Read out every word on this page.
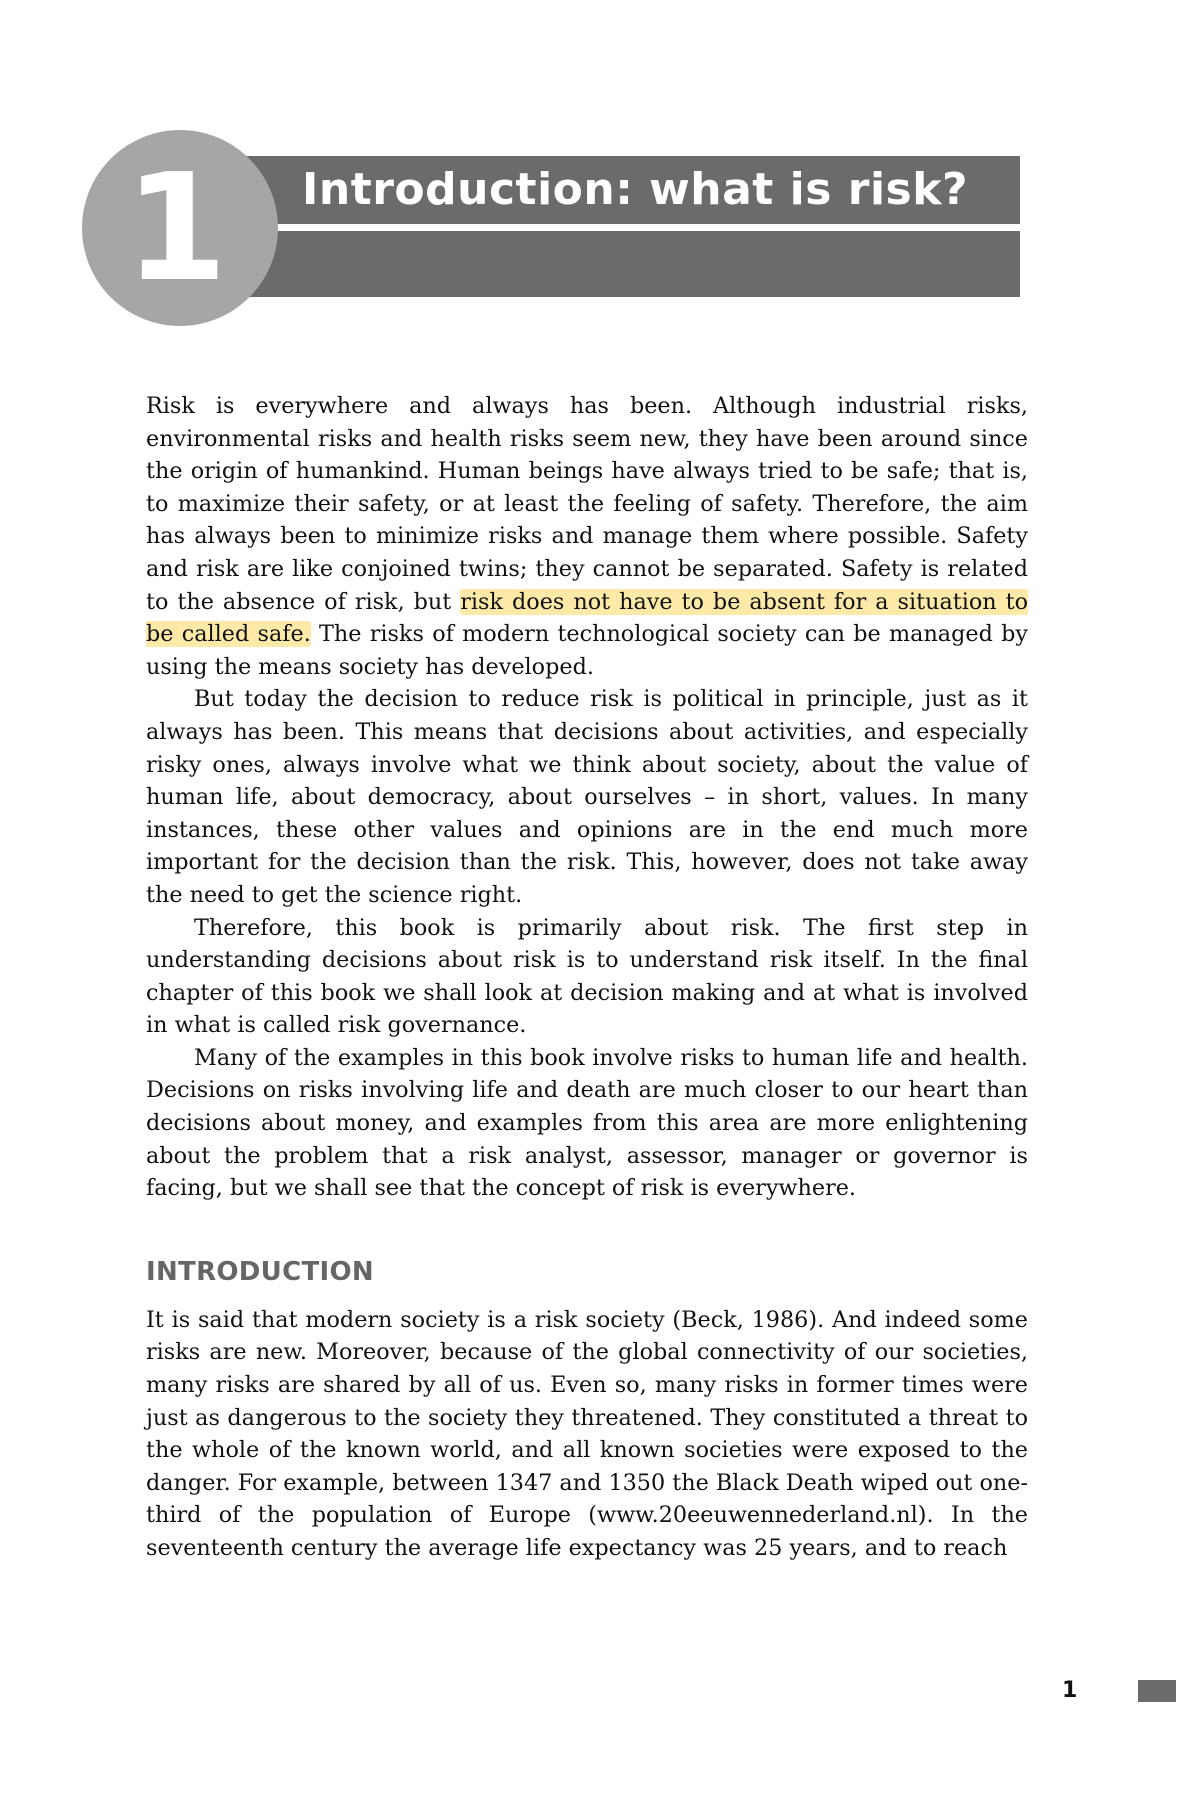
Introduction: what is risk?
1

Risk is everywhere and always has been. Although industrial risks, environmental risks and health risks seem new, they have been around since the origin of humankind. Human beings have always tried to be safe; that is, to maximize their safety, or at least the feeling of safety. Therefore, the aim has always been to minimize risks and manage them where possible. Safety and risk are like conjoined twins; they cannot be separated. Safety is related to the absence of risk, but risk does not have to be absent for a situation to be called safe. The risks of modern technological society can be managed by using the means society has developed.

But today the decision to reduce risk is political in principle, just as it always has been. This means that decisions about activities, and especially risky ones, always involve what we think about society, about the value of human life, about democracy, about ourselves – in short, values. In many instances, these other values and opinions are in the end much more important for the decision than the risk. This, however, does not take away the need to get the science right.

Therefore, this book is primarily about risk. The first step in understanding decisions about risk is to understand risk itself. In the final chapter of this book we shall look at decision making and at what is involved in what is called risk governance.

Many of the examples in this book involve risks to human life and health. Decisions on risks involving life and death are much closer to our heart than decisions about money, and examples from this area are more enlightening about the problem that a risk analyst, assessor, manager or governor is facing, but we shall see that the concept of risk is everywhere.

INTRODUCTION

It is said that modern society is a risk society (Beck, 1986). And indeed some risks are new. Moreover, because of the global connectivity of our societies, many risks are shared by all of us. Even so, many risks in former times were just as dangerous to the society they threatened. They constituted a threat to the whole of the known world, and all known societies were exposed to the danger. For example, between 1347 and 1350 the Black Death wiped out one-third of the population of Europe (www.20eeuwennederland.nl). In the seventeenth century the average life expectancy was 25 years, and to reach

1
